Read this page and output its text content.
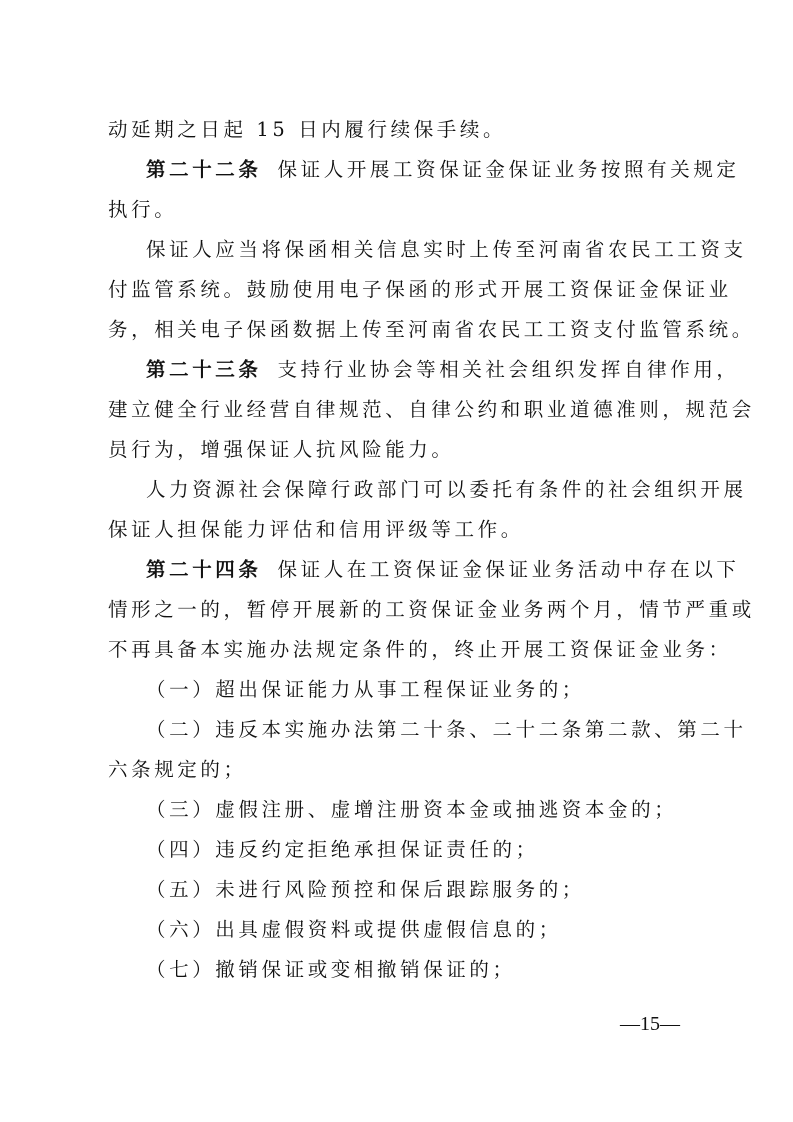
动延期之日起 15 日内履行续保手续。
第二十二条 保证人开展工资保证金保证业务按照有关规定
执行。
保证人应当将保函相关信息实时上传至河南省农民工工资支
付监管系统。鼓励使用电子保函的形式开展工资保证金保证业
务，相关电子保函数据上传至河南省农民工工资支付监管系统。
第二十三条 支持行业协会等相关社会组织发挥自律作用，
建立健全行业经营自律规范、自律公约和职业道德准则，规范会
员行为，增强保证人抗风险能力。
人力资源社会保障行政部门可以委托有条件的社会组织开展
保证人担保能力评估和信用评级等工作。
第二十四条 保证人在工资保证金保证业务活动中存在以下
情形之一的，暂停开展新的工资保证金业务两个月，情节严重或
不再具备本实施办法规定条件的，终止开展工资保证金业务：
（一）超出保证能力从事工程保证业务的；
（二）违反本实施办法第二十条、二十二条第二款、第二十
六条规定的；
（三）虚假注册、虚增注册资本金或抽逃资本金的；
（四）违反约定拒绝承担保证责任的；
（五）未进行风险预控和保后跟踪服务的；
（六）出具虚假资料或提供虚假信息的；
（七）撤销保证或变相撤销保证的；
—15—
